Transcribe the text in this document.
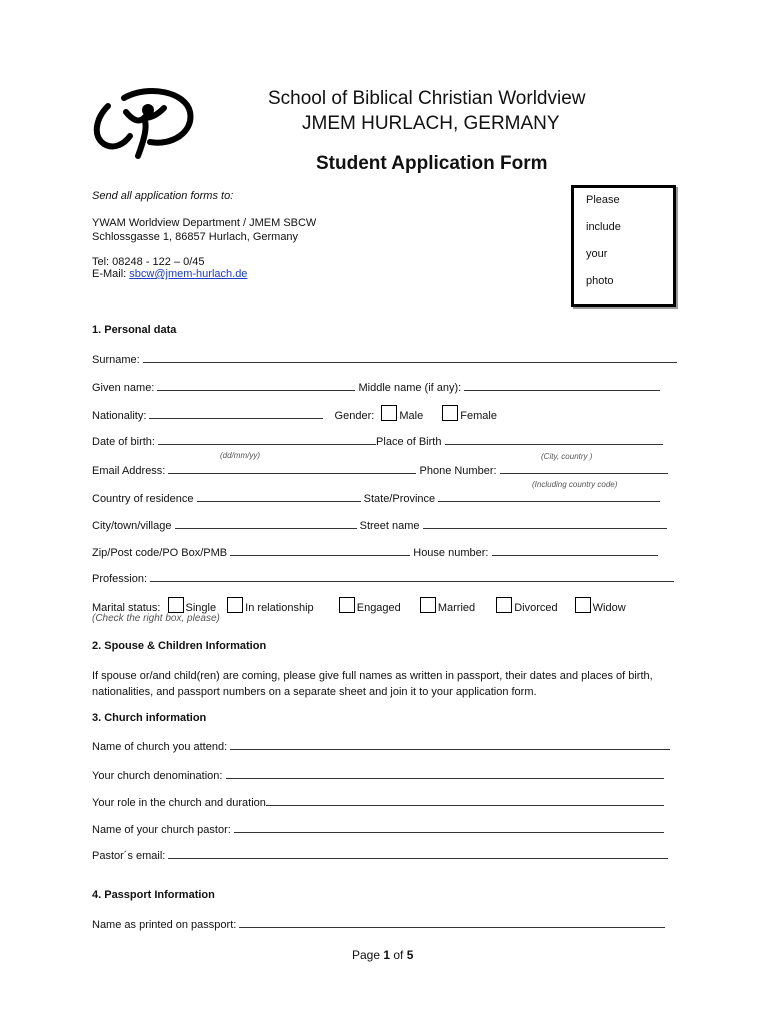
School of Biblical Christian Worldview
JMEM HURLACH, GERMANY
Student Application Form
Send all application forms to:
YWAM Worldview Department / JMEM SBCW
Schlossgasse 1, 86857 Hurlach, Germany
Tel: 08248 - 122 – 0/45
E-Mail: sbcw@jmem-hurlach.de
Please
include
your
photo
1. Personal data
Surname:
Given name:	Middle name (if any):
Nationality:	Gender: Male	Female
Date of birth:	Place of Birth
(dd/mm/yy)	(City, country )
Email Address:	Phone Number:
(Including country code)
Country of residence	State/Province
City/town/village	Street name
Zip/Post code/PO Box/PMB	House number:
Profession:
Marital status: Single	In relationship	Engaged	Married	Divorced	Widow
(Check the right box, please)
2. Spouse & Children Information
If spouse or/and child(ren) are coming, please give full names as written in passport, their dates and places of birth, nationalities, and passport numbers on a separate sheet and join it to your application form.
3. Church information
Name of church you attend:
Your church denomination:
Your role in the church and duration
Name of your church pastor:
Pastor´s email:
4. Passport Information
Name as printed on passport:
Page 1 of 5
